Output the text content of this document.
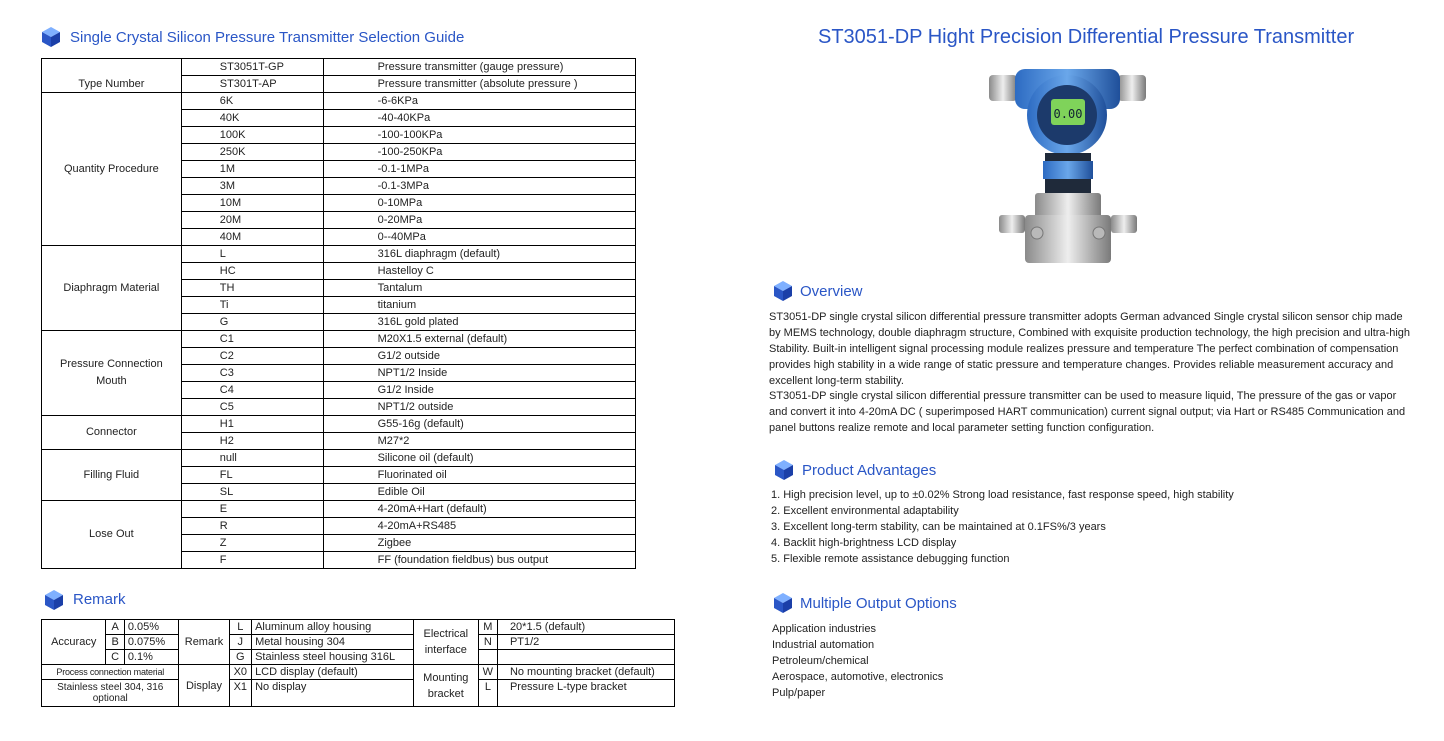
Single Crystal Silicon Pressure Transmitter Selection Guide
Type Number	ST3051T-GP	Pressure transmitter (gauge pressure)
	ST301T-AP	Pressure transmitter (absolute pressure )
Quantity Procedure	6K	-6-6KPa
	40K	-40-40KPa
	100K	-100-100KPa
	250K	-100-250KPa
	1M	-0.1-1MPa
	3M	-0.1-3MPa
	10M	0-10MPa
	20M	0-20MPa
	40M	0--40MPa
Diaphragm Material	L	316L diaphragm (default)
	HC	Hastelloy C
	TH	Tantalum
	Ti	titanium
	G	316L gold plated
Pressure Connection Mouth	C1	M20X1.5 external (default)
	C2	G1/2 outside
	C3	NPT1/2 Inside
	C4	G1/2 Inside
	C5	NPT1/2 outside
Connector	H1	G55-16g (default)
	H2	M27*2
Filling Fluid	null	Silicone oil (default)
	FL	Fluorinated oil
	SL	Edible Oil
Lose Out	E	4-20mA+Hart (default)
	R	4-20mA+RS485
	Z	Zigbee
	F	FF (foundation fieldbus) bus output
Remark
Accuracy	A	0.05%	Remark	L	Aluminum alloy housing	Electrical interface	M	20*1.5 (default)
	B	0.075%		J	Metal housing 304		N	PT1/2
	C	0.1%		G	Stainless steel housing 316L			
Process connection material			Display	X0	LCD display (default)	Mounting bracket	W	No mounting bracket (default)
Stainless steel 304, 316 optional				X1	No display		L	Pressure L-type bracket
ST3051-DP Hight Precision Differential Pressure Transmitter
0.00
Overview
ST3051-DP single crystal silicon differential pressure transmitter adopts German advanced Single crystal silicon sensor chip made by MEMS technology, double diaphragm structure, Combined with exquisite production technology, the high precision and ultra-high Stability. Built-in intelligent signal processing module realizes pressure and temperature The perfect combination of compensation provides high stability in a wide range of static pressure and temperature changes. Provides reliable measurement accuracy and excellent long-term stability.
ST3051-DP single crystal silicon differential pressure transmitter can be used to measure liquid, The pressure of the gas or vapor and convert it into 4-20mA DC ( superimposed HART communication) current signal output; via Hart or RS485 Communication and panel buttons realize remote and local parameter setting function configuration.
Product Advantages
1. High precision level, up to ±0.02% Strong load resistance, fast response speed, high stability
2. Excellent environmental adaptability
3. Excellent long-term stability, can be maintained at 0.1FS%/3 years
4. Backlit high-brightness LCD display
5. Flexible remote assistance debugging function
Multiple Output Options
Application industries
Industrial automation
Petroleum/chemical
Aerospace, automotive, electronics
Pulp/paper
